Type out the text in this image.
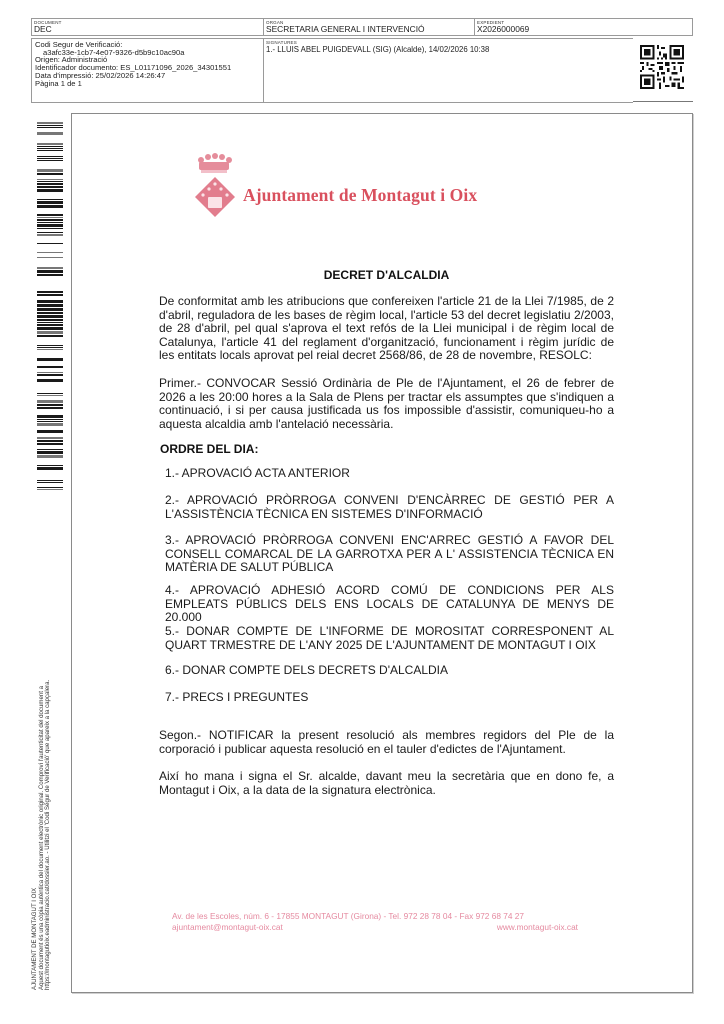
DOCUMENT
DEC
ORGAN
SECRETARIA GENERAL I INTERVENCIÓ
EXPEDIENT
X2026000069
Codi Segur de Verificació:
a3afc33e-1cb7-4e07-9326-d5b9c10ac90a
Origen: Administració
Identificador documento: ES_L01171096_2026_34301551
Data d'impressió: 25/02/2026 14:26:47
Pàgina 1 de 1
SIGNATURES
1.- LLUIS ABEL PUIGDEVALL (SIG) (Alcalde), 14/02/2026 10:38
Ajuntament de Montagut i Oix
DECRET D'ALCALDIA
De conformitat amb les atribucions que confereixen l'article 21 de la Llei 7/1985, de 2 d'abril, reguladora de les bases de règim local, l'article 53 del decret legislatiu 2/2003, de 28 d'abril, pel qual s'aprova el text refós de la Llei municipal i de règim local de Catalunya, l'article 41 del reglament d'organització, funcionament i règim jurídic de les entitats locals aprovat pel reial decret 2568/86, de 28 de novembre, RESOLC:
Primer.- CONVOCAR Sessió Ordinària de Ple de l'Ajuntament, el 26 de febrer de 2026 a les 20:00 hores a la Sala de Plens per tractar els assumptes que s'indiquen a continuació, i si per causa justificada us fos impossible d'assistir, comuniqueu-ho a aquesta alcaldia amb l'antelació necessària.
ORDRE DEL DIA:
1.- APROVACIÓ ACTA ANTERIOR
2.- APROVACIÓ PRÒRROGA CONVENI D'ENCÀRREC DE GESTIÓ PER A L'ASSISTÈNCIA TÈCNICA EN SISTEMES D'INFORMACIÓ
3.- APROVACIÓ PRÒRROGA CONVENI ENC'ARREC GESTIÓ A FAVOR DEL CONSELL COMARCAL DE LA GARROTXA PER A L' ASSISTENCIA TÈCNICA EN MATÈRIA DE SALUT PÚBLICA
4.- APROVACIÓ ADHESIÓ ACORD COMÚ DE CONDICIONS PER ALS EMPLEATS PÚBLICS DELS ENS LOCALS DE CATALUNYA DE MENYS DE 20.000
5.- DONAR COMPTE DE L'INFORME DE MOROSITAT CORRESPONENT AL QUART TRMESTRE DE L'ANY 2025 DE L'AJUNTAMENT DE MONTAGUT I OIX
6.- DONAR COMPTE DELS DECRETS D'ALCALDIA
7.- PRECS I PREGUNTES
Segon.- NOTIFICAR la present resolució als membres regidors del Ple de la corporació i publicar aquesta resolució en el tauler d'edictes de l'Ajuntament.
Així ho mana i signa el Sr. alcalde, davant meu la secretària que en dono fe, a Montagut i Oix, a la data de la signatura electrònica.
Av. de les Escoles, núm. 6 - 17855 MONTAGUT (Girona) - Tel. 972 28 78 04 - Fax 972 68 74 27
ajuntament@montagut-oix.cat	www.montagut-oix.cat
AJUNTAMENT DE MONTAGUT I OIX Aquest document és una còpia autèntica del document electrònic original. Comprovi l'autenticitat del document a https://montagutioix.eadministracio.cat/dossier.ao. - Utilitzi el 'Codi Segur de Verificació' que apareix a la capçalera.
